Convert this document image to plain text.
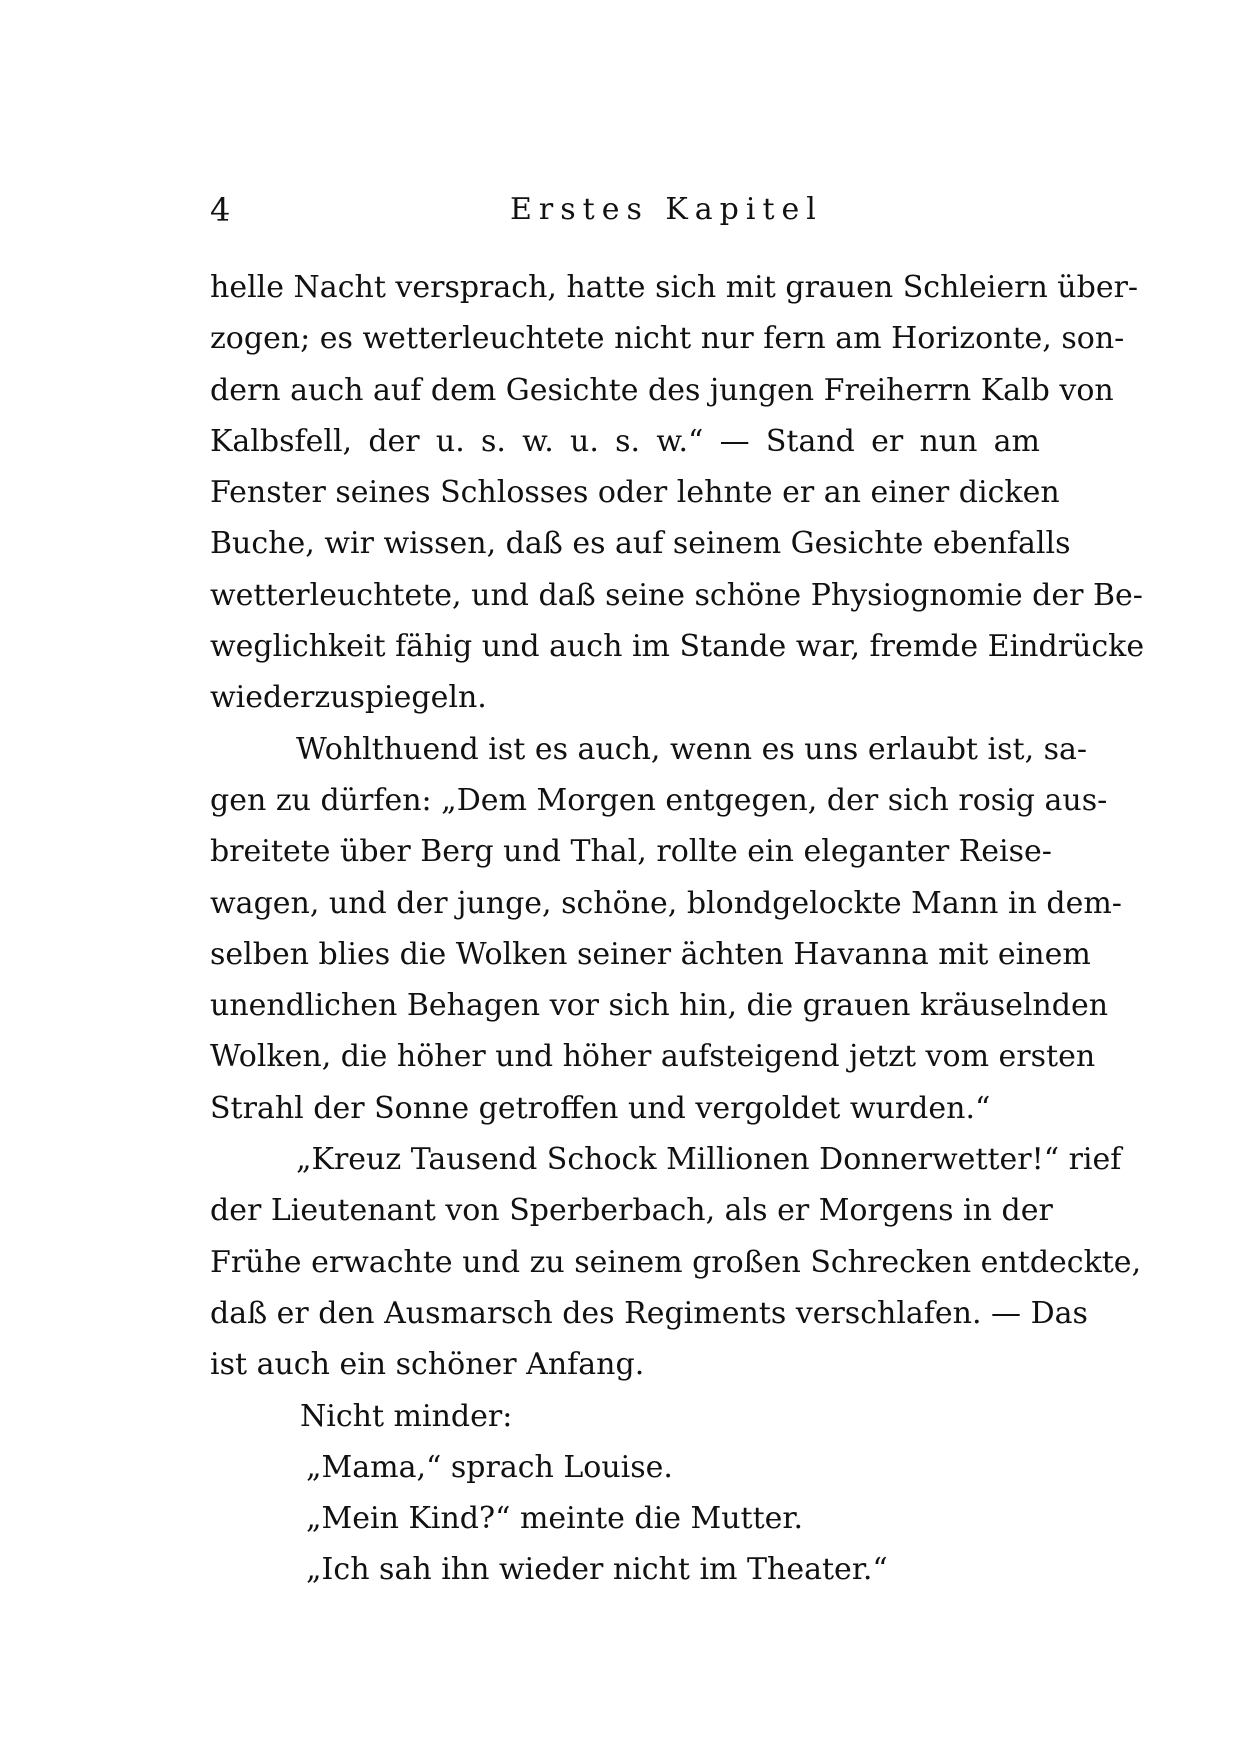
4	Erstes Kapitel
helle Nacht versprach, hatte sich mit grauen Schleiern über-
zogen; es wetterleuchtete nicht nur fern am Horizonte, son-
dern auch auf dem Gesichte des jungen Freiherrn Kalb von
Kalbsfell, der u. s. w. u. s. w.“ — Stand er nun am
Fenster seines Schlosses oder lehnte er an einer dicken
Buche, wir wissen, daß es auf seinem Gesichte ebenfalls
wetterleuchtete, und daß seine schöne Physiognomie der Be-
weglichkeit fähig und auch im Stande war, fremde Eindrücke
wiederzuspiegeln.
Wohlthuend ist es auch, wenn es uns erlaubt ist, sa-
gen zu dürfen: „Dem Morgen entgegen, der sich rosig aus-
breitete über Berg und Thal, rollte ein eleganter Reise-
wagen, und der junge, schöne, blondgelockte Mann in dem-
selben blies die Wolken seiner ächten Havanna mit einem
unendlichen Behagen vor sich hin, die grauen kräuselnden
Wolken, die höher und höher aufsteigend jetzt vom ersten
Strahl der Sonne getroffen und vergoldet wurden.“
„Kreuz Tausend Schock Millionen Donnerwetter!“ rief
der Lieutenant von Sperberbach, als er Morgens in der
Frühe erwachte und zu seinem großen Schrecken entdeckte,
daß er den Ausmarsch des Regiments verschlafen. — Das
ist auch ein schöner Anfang.
Nicht minder:
„Mama,“ sprach Louise.
„Mein Kind?“ meinte die Mutter.
„Ich sah ihn wieder nicht im Theater.“
